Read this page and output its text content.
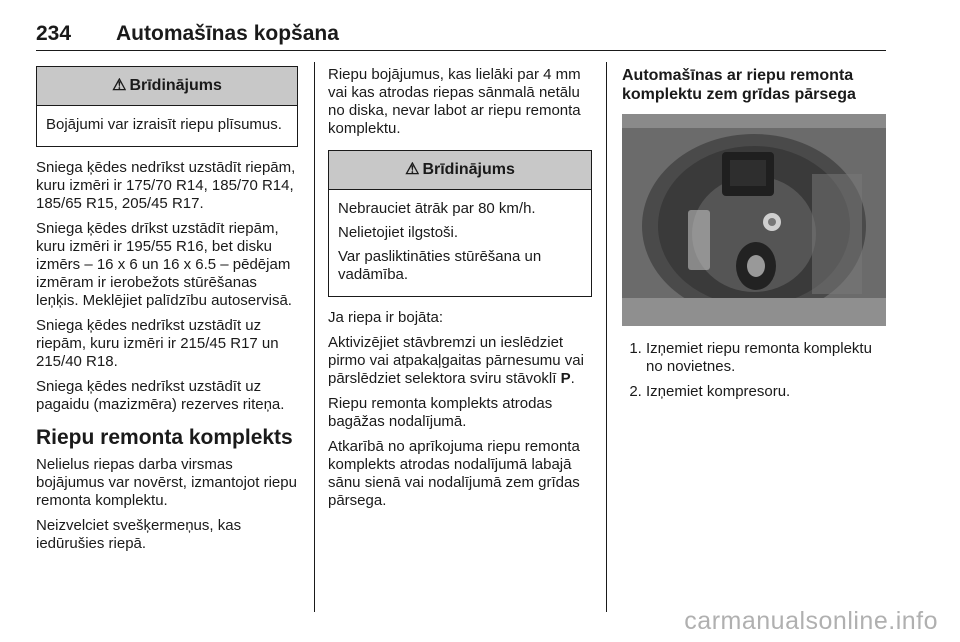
234	Automašīnas kopšana
⚠ Brīdinājums

Bojājumi var izraisīt riepu plīsumus.

Sniega ķēdes nedrīkst uzstādīt riepām, kuru izmēri ir 175/70 R14, 185/70 R14, 185/65 R15, 205/45 R17.

Sniega ķēdes drīkst uzstādīt riepām, kuru izmēri ir 195/55 R16, bet disku izmērs – 16 x 6 un 16 x 6.5 – pēdējam izmēram ir ierobežots stūrēšanas leņķis. Meklējiet palīdzību autoservisā.

Sniega ķēdes nedrīkst uzstādīt uz riepām, kuru izmēri ir 215/45 R17 un 215/40 R18.

Sniega ķēdes nedrīkst uzstādīt uz pagaidu (mazizmēra) rezerves riteņa.

Riepu remonta komplekts

Nelielus riepas darba virsmas bojājumus var novērst, izmantojot riepu remonta komplektu.

Neizvelciet svešķermeņus, kas iedūrušies riepā.

Riepu bojājumus, kas lielāki par 4 mm vai kas atrodas riepas sānmalā netālu no diska, nevar labot ar riepu remonta komplektu.

⚠ Brīdinājums

Nebrauciet ātrāk par 80 km/h.

Nelietojiet ilgstoši.

Var pasliktināties stūrēšana un vadāmība.

Ja riepa ir bojāta:

Aktivizējiet stāvbremzi un ieslēdziet pirmo vai atpakaļgaitas pārnesumu vai pārslēdziet selektora sviru stāvoklī P.

Riepu remonta komplekts atrodas bagāžas nodalījumā.

Atkarībā no aprīkojuma riepu remonta komplekts atrodas nodalījumā labajā sānu sienā vai nodalījumā zem grīdas pārsega.

Automašīnas ar riepu remonta komplektu zem grīdas pārsega
1. Izņemiet riepu remonta komplektu no novietnes.
2. Izņemiet kompresoru.
carmanualsonline.info
